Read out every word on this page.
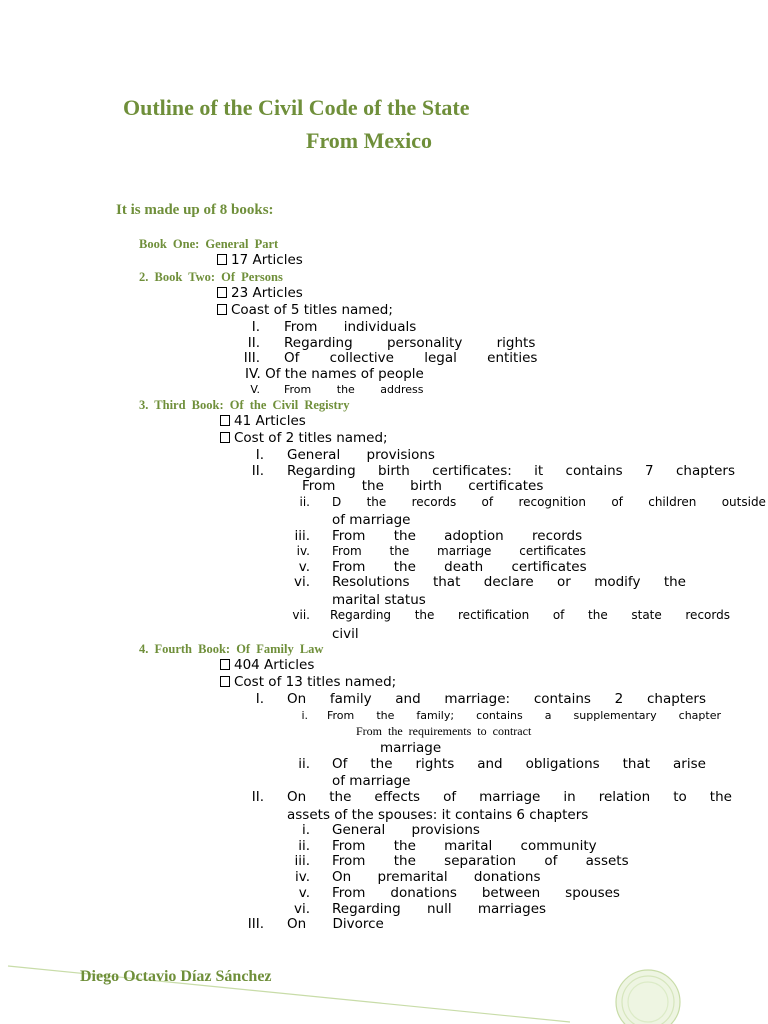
Outline of the Civil Code of the State
From Mexico
It is made up of 8 books:
Book One: General Part
17 Articles
2. Book Two: Of Persons
23 Articles
Coast of 5 titles named;
I. From individuals
II. Regarding personality rights
III. Of collective legal entities
IV. Of the names of people
V. From the address
3. Third Book: Of the Civil Registry
41 Articles
Cost of 2 titles named;
I. General provisions
II. Regarding birth certificates: it contains 7 chapters
From the birth certificates
ii. D the records of recognition of children outside
of marriage
iii. From the adoption records
iv. From the marriage certificates
v. From the death certificates
vi. Resolutions that declare or modify the
marital status
vii. Regarding the rectification of the state records
civil
4. Fourth Book: Of Family Law
404 Articles
Cost of 13 titles named;
I. On family and marriage: contains 2 chapters
i. From the family; contains a supplementary chapter
From the requirements to contract
marriage
ii. Of the rights and obligations that arise
of marriage
II. On the effects of marriage in relation to the
assets of the spouses: it contains 6 chapters
i. General provisions
ii. From the marital community
iii. From the separation of assets
iv. On premarital donations
v. From donations between spouses
vi. Regarding null marriages
III. On Divorce
Diego Octavio Díaz Sánchez
